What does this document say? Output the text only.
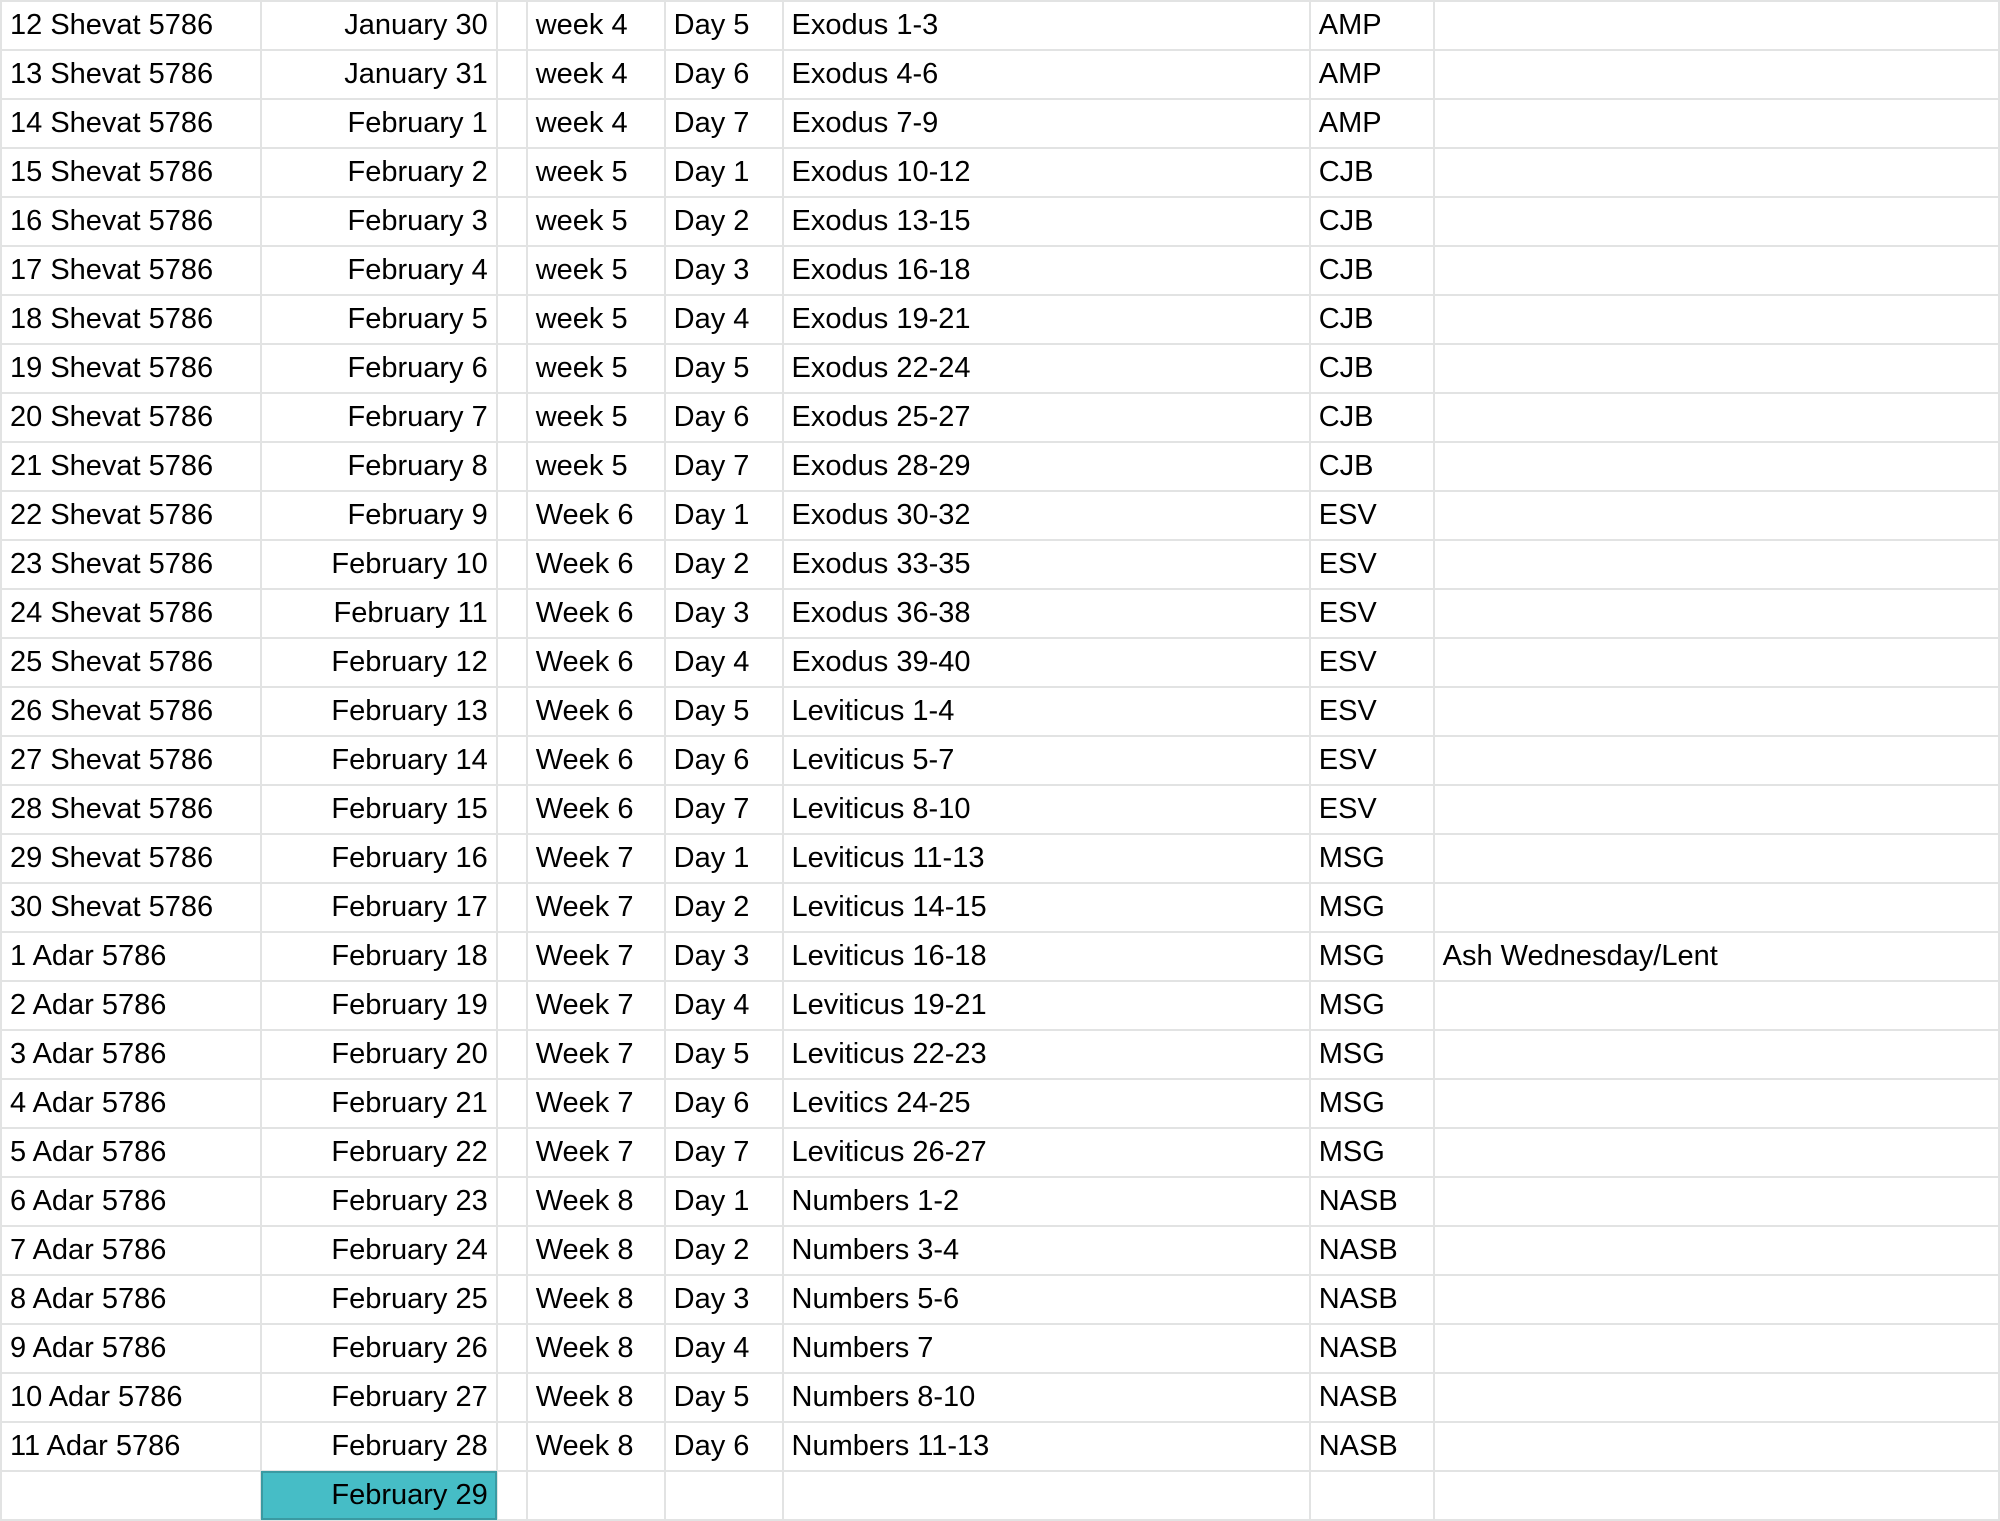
12 Shevat 5786	January 30		week 4	Day 5	Exodus 1-3	AMP	
13 Shevat 5786	January 31		week 4	Day 6	Exodus 4-6	AMP	
14 Shevat 5786	February 1		week 4	Day 7	Exodus 7-9	AMP	
15 Shevat 5786	February 2		week 5	Day 1	Exodus 10-12	CJB	
16 Shevat 5786	February 3		week 5	Day 2	Exodus 13-15	CJB	
17 Shevat 5786	February 4		week 5	Day 3	Exodus 16-18	CJB	
18 Shevat 5786	February 5		week 5	Day 4	Exodus 19-21	CJB	
19 Shevat 5786	February 6		week 5	Day 5	Exodus 22-24	CJB	
20 Shevat 5786	February 7		week 5	Day 6	Exodus 25-27	CJB	
21 Shevat 5786	February 8		week 5	Day 7	Exodus 28-29	CJB	
22 Shevat 5786	February 9		Week 6	Day 1	Exodus 30-32	ESV	
23 Shevat 5786	February 10		Week 6	Day 2	Exodus 33-35	ESV	
24 Shevat 5786	February 11		Week 6	Day 3	Exodus 36-38	ESV	
25 Shevat 5786	February 12		Week 6	Day 4	Exodus 39-40	ESV	
26 Shevat 5786	February 13		Week 6	Day 5	Leviticus 1-4	ESV	
27 Shevat 5786	February 14		Week 6	Day 6	Leviticus 5-7	ESV	
28 Shevat 5786	February 15		Week 6	Day 7	Leviticus 8-10	ESV	
29 Shevat 5786	February 16		Week 7	Day 1	Leviticus 11-13	MSG	
30 Shevat 5786	February 17		Week 7	Day 2	Leviticus 14-15	MSG	
1 Adar 5786	February 18		Week 7	Day 3	Leviticus 16-18	MSG	Ash Wednesday/Lent
2 Adar 5786	February 19		Week 7	Day 4	Leviticus 19-21	MSG	
3 Adar 5786	February 20		Week 7	Day 5	Leviticus 22-23	MSG	
4 Adar 5786	February 21		Week 7	Day 6	Levitics 24-25	MSG	
5 Adar 5786	February 22		Week 7	Day 7	Leviticus 26-27	MSG	
6 Adar 5786	February 23		Week 8	Day 1	Numbers 1-2	NASB	
7 Adar 5786	February 24		Week 8	Day 2	Numbers 3-4	NASB	
8 Adar 5786	February 25		Week 8	Day 3	Numbers 5-6	NASB	
9 Adar 5786	February 26		Week 8	Day 4	Numbers 7	NASB	
10 Adar 5786	February 27		Week 8	Day 5	Numbers 8-10	NASB	
11 Adar 5786	February 28		Week 8	Day 6	Numbers 11-13	NASB	
	February 29						
